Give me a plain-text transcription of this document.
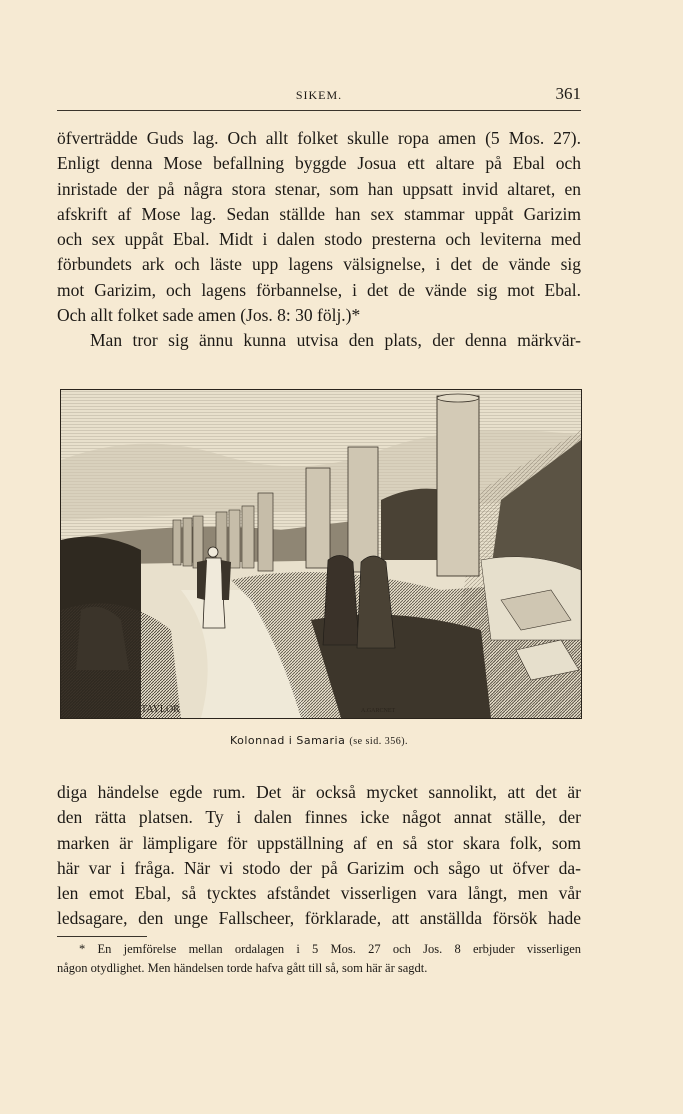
SIKEM.	361
öfverträdde Guds lag. Och allt folket skulle ropa amen (5 Mos. 27).
Enligt denna Mose befallning byggde Josua ett altare på Ebal och
inristade der på några stora stenar, som han uppsatt invid altaret, en
afskrift af Mose lag. Sedan ställde han sex stammar uppåt Garizim
och sex uppåt Ebal. Midt i dalen stodo presterna och leviterna med
förbundets ark och läste upp lagens välsignelse, i det de vände sig
mot Garizim, och lagens förbannelse, i det de vände sig mot Ebal.
Och allt folket sade amen (Jos. 8: 30 följ.)*
Man tror sig ännu kunna utvisa den plats, der denna märkvär-
TAYLOR	A.GARCNET
Kolonnad i Samaria (se sid. 356).
diga händelse egde rum. Det är också mycket sannolikt, att det är
den rätta platsen. Ty i dalen finnes icke något annat ställe, der
marken är lämpligare för uppställning af en så stor skara folk, som
här var i fråga. När vi stodo der på Garizim och sågo ut öfver da-
len emot Ebal, så tycktes afståndet visserligen vara långt, men vår
ledsagare, den unge Fallscheer, förklarade, att anställda försök hade
* En jemförelse mellan ordalagen i 5 Mos. 27 och Jos. 8 erbjuder visserligen
någon otydlighet. Men händelsen torde hafva gått till så, som här är sagdt.
